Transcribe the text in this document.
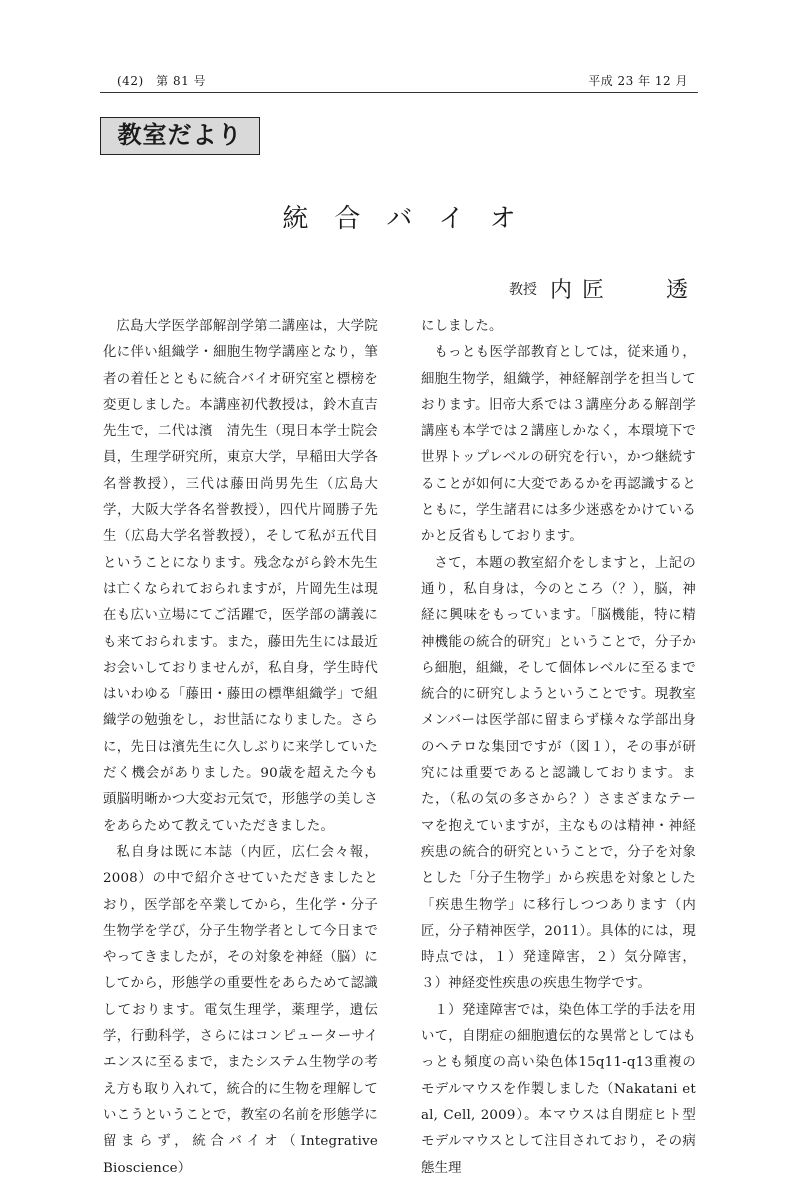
(42)　第 81 号	平成 23 年 12 月
教室だより
統合バイオ
教授 内匠 透

広島大学医学部解剖学第二講座は，大学院化に伴い組織学・細胞生物学講座となり，筆者の着任とともに統合バイオ研究室と標榜を変更しました。本講座初代教授は，鈴木直吉先生で，二代は濱　清先生（現日本学士院会員，生理学研究所，東京大学，早稲田大学各名誉教授），三代は藤田尚男先生（広島大学，大阪大学各名誉教授），四代片岡勝子先生（広島大学名誉教授），そして私が五代目ということになります。残念ながら鈴木先生は亡くなられておられますが，片岡先生は現在も広い立場にてご活躍で，医学部の講義にも来ておられます。また，藤田先生には最近お会いしておりませんが，私自身，学生時代はいわゆる「藤田・藤田の標準組織学」で組織学の勉強をし，お世話になりました。さらに，先日は濱先生に久しぶりに来学していただく機会がありました。90歳を超えた今も頭脳明晰かつ大変お元気で，形態学の美しさをあらためて教えていただきました。

私自身は既に本誌（内匠，広仁会々報，2008）の中で紹介させていただきましたとおり，医学部を卒業してから，生化学・分子生物学を学び，分子生物学者として今日までやってきましたが，その対象を神経（脳）にしてから，形態学の重要性をあらためて認識しております。電気生理学，薬理学，遺伝学，行動科学，さらにはコンピューターサイエンスに至るまで，またシステム生物学の考え方も取り入れて，統合的に生物を理解していこうということで，教室の名前を形態学に留まらず，統合バイオ（Integrative Bioscience）

にしました。

もっとも医学部教育としては，従来通り，細胞生物学，組織学，神経解剖学を担当しております。旧帝大系では３講座分ある解剖学講座も本学では２講座しかなく，本環境下で世界トップレベルの研究を行い，かつ継続することが如何に大変であるかを再認識するとともに，学生諸君には多少迷惑をかけているかと反省もしております。

さて，本題の教室紹介をしますと，上記の通り，私自身は，今のところ（？），脳，神経に興味をもっています。「脳機能，特に精神機能の統合的研究」ということで，分子から細胞，組織，そして個体レベルに至るまで統合的に研究しようということです。現教室メンバーは医学部に留まらず様々な学部出身のヘテロな集団ですが（図１），その事が研究には重要であると認識しております。また，（私の気の多さから？）さまざまなテーマを抱えていますが，主なものは精神・神経疾患の統合的研究ということで，分子を対象とした「分子生物学」から疾患を対象とした「疾患生物学」に移行しつつあります（内匠，分子精神医学，2011）。具体的には，現時点では，１）発達障害，２）気分障害，３）神経変性疾患の疾患生物学です。

１）発達障害では，染色体工学的手法を用いて，自閉症の細胞遺伝的な異常としてはもっとも頻度の高い染色体15q11-q13重複のモデルマウスを作製しました（Nakatani et al, Cell, 2009）。本マウスは自閉症ヒト型モデルマウスとして注目されており，その病態生理
